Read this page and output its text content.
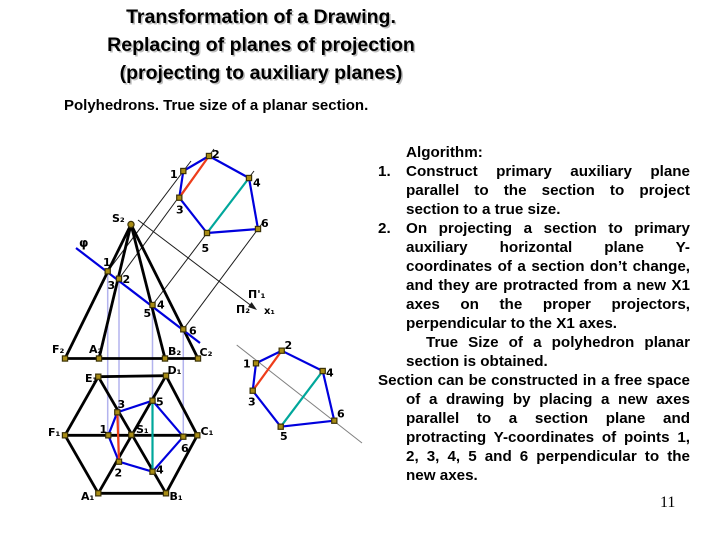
Transformation of a Drawing.
Replacing of planes of projection
(projecting to auxiliary planes)
Polyhedrons. True size of a planar section.
S₂
φ
1
3 2
5
4
6
F₂ A₂	B₂ C₂
П'₁
П₂ x₁
1
2
3
4
5
6
E₁
D₁
F₁	C₁
A₁	B₁
S₁
1
3	5
6
4
2
1
2
4
3
6
5

Algorithm:

1. Construct primary auxiliary plane parallel to the section to project section to a true size.

2. On projecting a section to primary auxiliary horizontal plane Y-coordinates of a section don’t change, and they are protracted from a new X1 axes on the proper projectors, perpendicular to the X1 axes.

True Size of a polyhedron planar section is obtained.

Section can be constructed in a free space of a drawing by placing a new axes parallel to a section plane and protracting Y-coordinates of points 1, 2, 3, 4, 5 and 6 perpendicular to the new axes.

11
